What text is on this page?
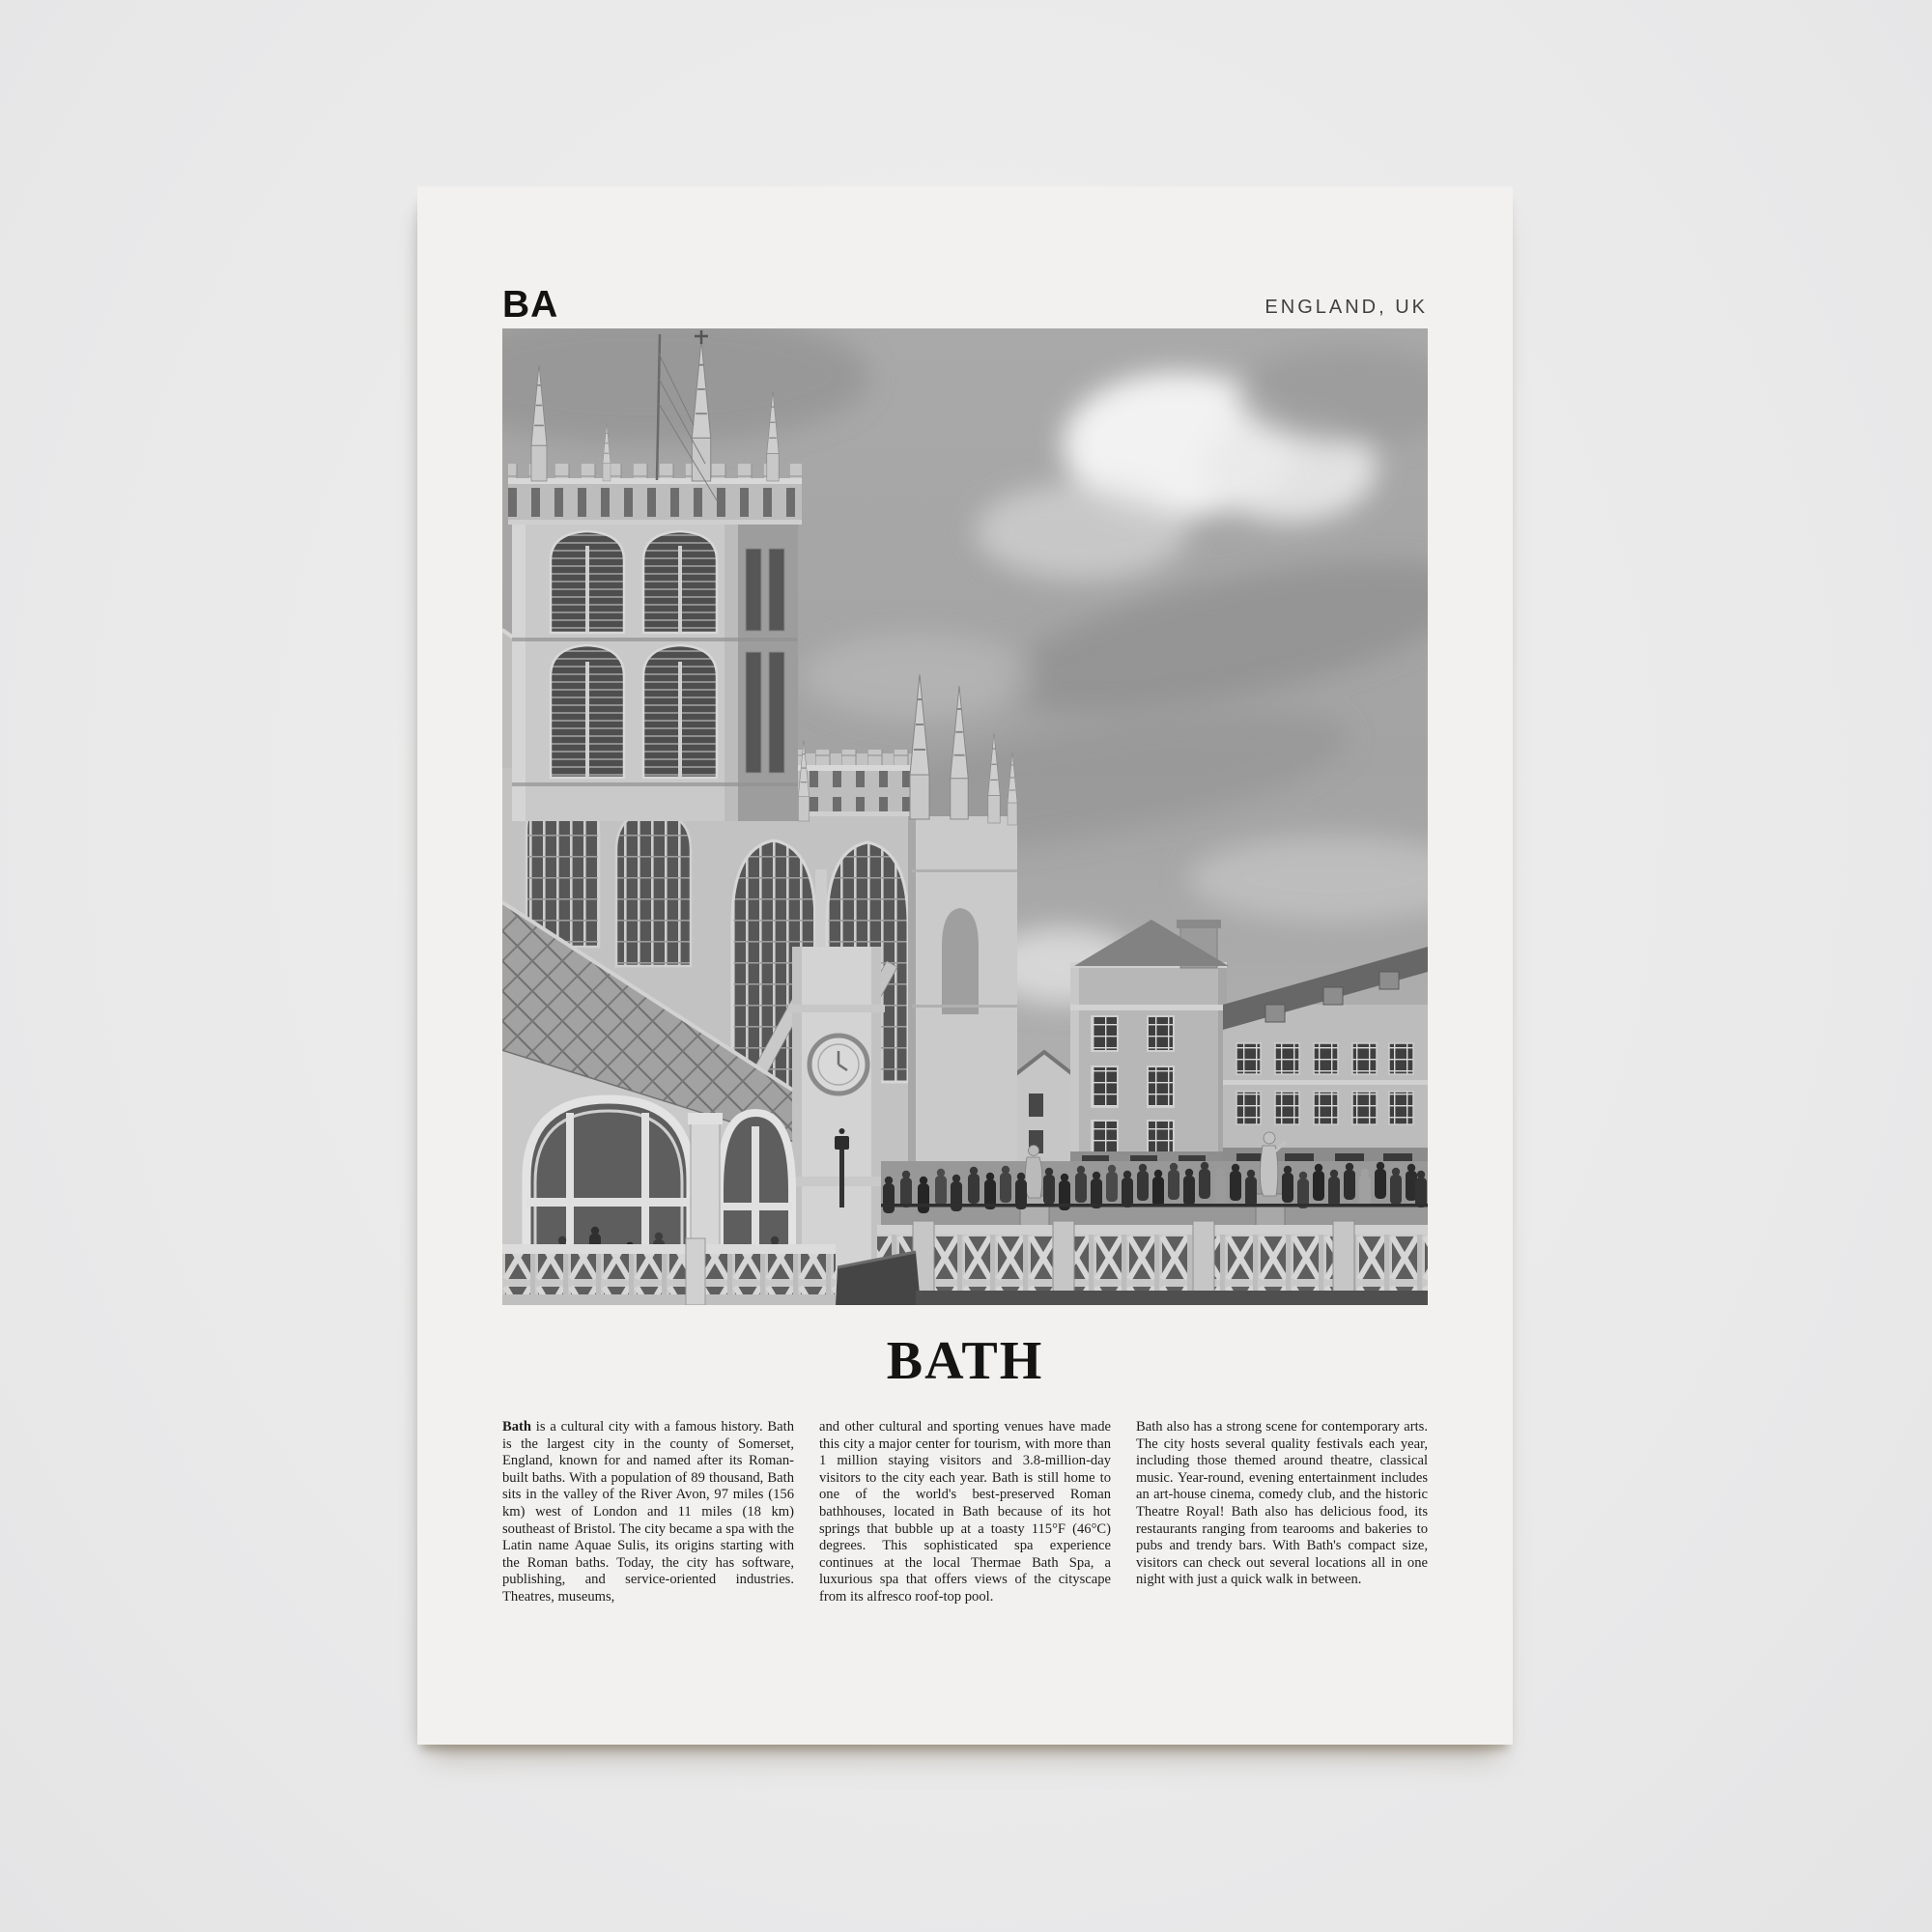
BA	ENGLAND, UK
BATH

Bath is a cultural city with a famous history. Bath is the largest city in the county of Somerset, England, known for and named after its Roman-built baths. With a population of 89 thousand, Bath sits in the valley of the River Avon, 97 miles (156 km) west of London and 11 miles (18 km) southeast of Bristol. The city became a spa with the Latin name Aquae Sulis, its origins starting with the Roman baths. Today, the city has software, publishing, and service-oriented industries. Theatres, museums,

and other cultural and sporting venues have made this city a major center for tourism, with more than 1 million staying visitors and 3.8-million-day visitors to the city each year. Bath is still home to one of the world's best-preserved Roman bathhouses, located in Bath because of its hot springs that bubble up at a toasty 115°F (46°C) degrees. This sophisticated spa experience continues at the local Thermae Bath Spa, a luxurious spa that offers views of the cityscape from its alfresco roof-top pool.

Bath also has a strong scene for contemporary arts. The city hosts several quality festivals each year, including those themed around theatre, classical music. Year-round, evening entertainment includes an art-house cinema, comedy club, and the historic Theatre Royal! Bath also has delicious food, its restaurants ranging from tearooms and bakeries to pubs and trendy bars. With Bath's compact size, visitors can check out several locations all in one night with just a quick walk in between.
